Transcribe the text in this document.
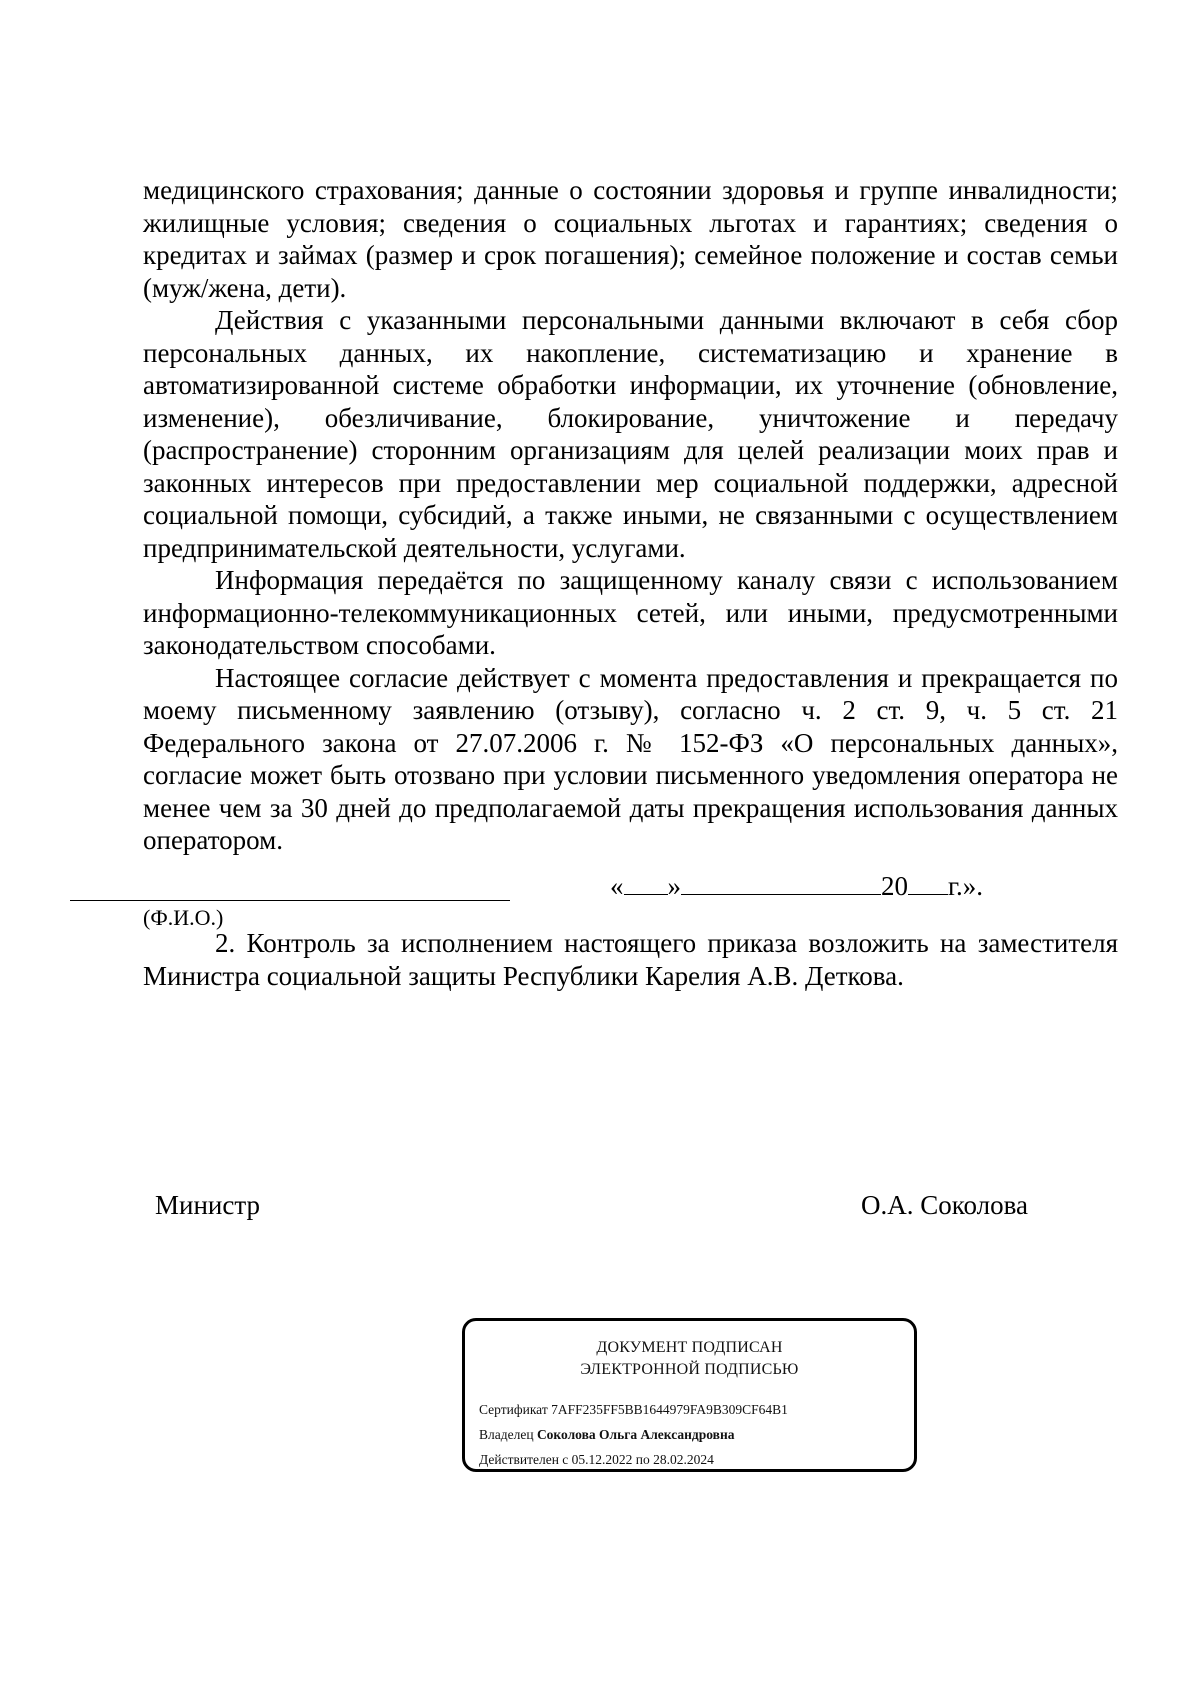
медицинского страхования; данные о состоянии здоровья и группе инвалидности; жилищные условия; сведения о социальных льготах и гарантиях; сведения о кредитах и займах (размер и срок погашения); семейное положение и состав семьи (муж/жена, дети).

Действия с указанными персональными данными включают в себя сбор персональных данных, их накопление, систематизацию и хранение в автоматизированной системе обработки информации, их уточнение (обновление, изменение), обезличивание, блокирование, уничтожение и передачу (распространение) сторонним организациям для целей реализации моих прав и законных интересов при предоставлении мер социальной поддержки, адресной социальной помощи, субсидий, а также иными, не связанными с осуществлением предпринимательской деятельности, услугами.

Информация передаётся по защищенному каналу связи с использованием информационно-телекоммуникационных сетей, или иными, предусмотренными законодательством способами.

Настоящее согласие действует с момента предоставления и прекращается по моему письменному заявлению (отзыву), согласно ч. 2 ст. 9, ч. 5 ст. 21 Федерального закона от 27.07.2006 г. № 152-ФЗ «О персональных данных», согласие может быть отозвано при условии письменного уведомления оператора не менее чем за 30 дней до предполагаемой даты прекращения использования данных оператором.

« »	20 г.».
(Ф.И.О.)

2. Контроль за исполнением настоящего приказа возложить на заместителя Министра социальной защиты Республики Карелия А.В. Деткова.

Министр	О.А. Соколова
ДОКУМЕНТ ПОДПИСАН
ЭЛЕКТРОННОЙ ПОДПИСЬЮ
Сертификат 7AFF235FF5BB1644979FA9B309CF64B1
Владелец Соколова Ольга Александровна
Действителен с 05.12.2022 по 28.02.2024
